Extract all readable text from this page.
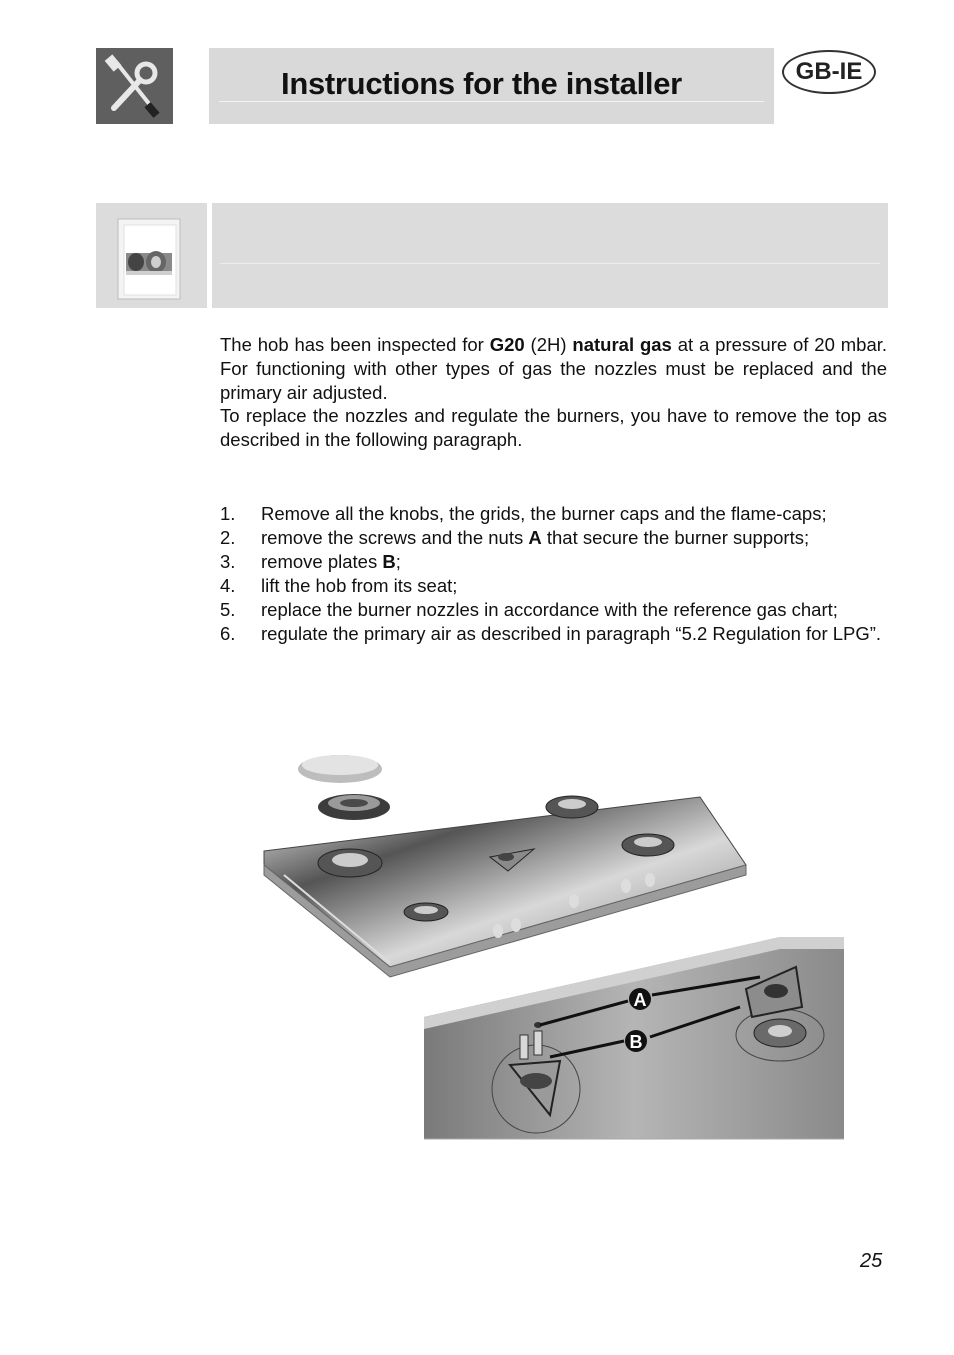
Instructions for the installer	GB-IE
The hob has been inspected for G20 (2H) natural gas at a pressure of 20 mbar. For functioning with other types of gas the nozzles must be replaced and the primary air adjusted.
To replace the nozzles and regulate the burners, you have to remove the top as described in the following paragraph.
1. Remove all the knobs, the grids, the burner caps and the flame-caps;
2. remove the screws and the nuts A that secure the burner supports;
3. remove plates B;
4. lift the hob from its seat;
5. replace the burner nozzles in accordance with the reference gas chart;
6. regulate the primary air as described in paragraph “5.2 Regulation for LPG”.
A
B
25
